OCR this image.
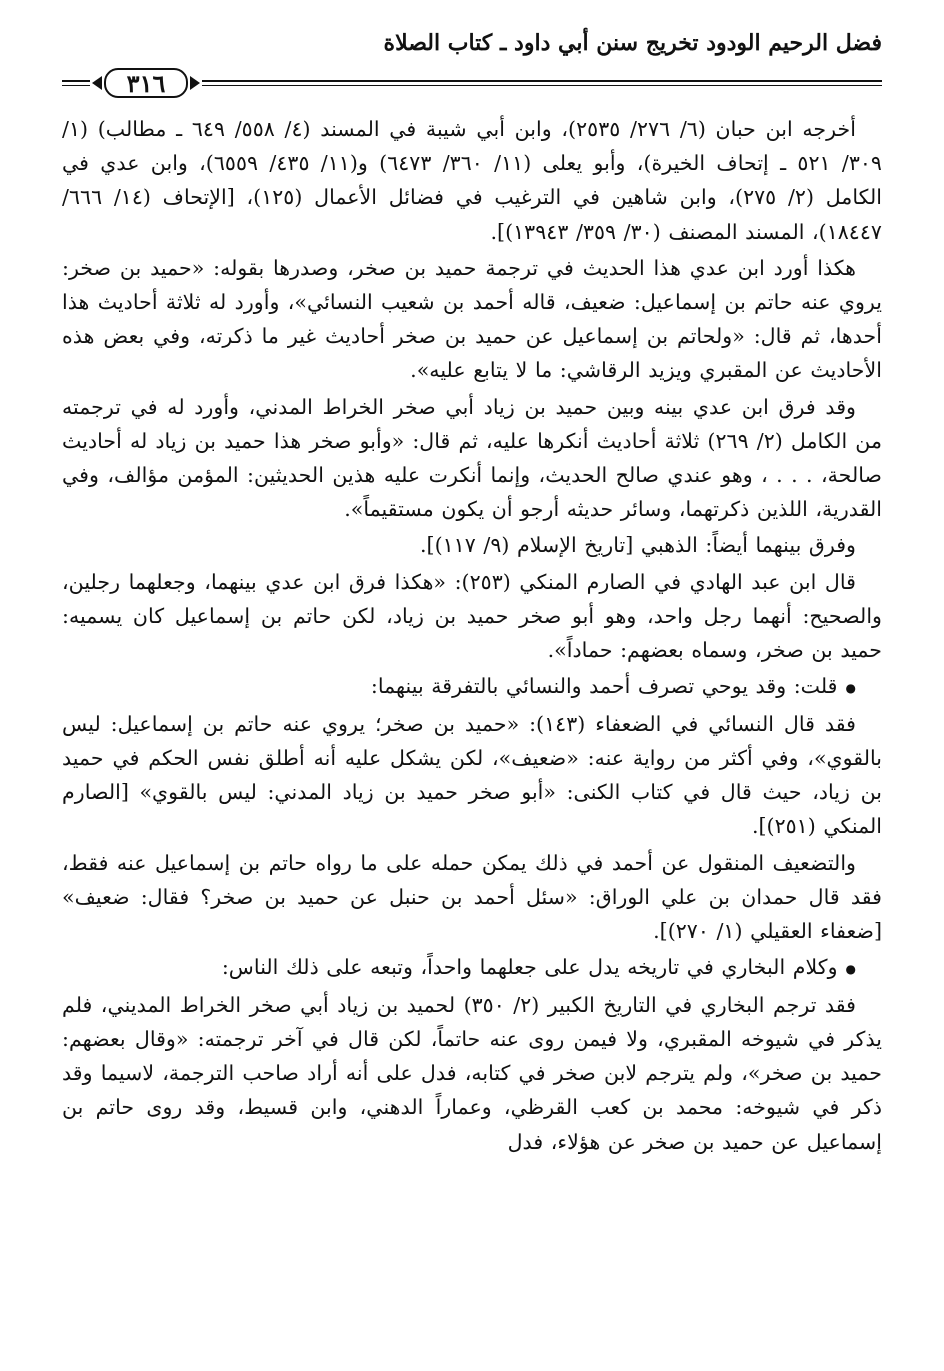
فضل الرحيم الودود تخريج سنن أبي داود ـ كتاب الصلاة
٣١٦

أخرجه ابن حبان (٦/ ٢٧٦/ ٢٥٣٥)، وابن أبي شيبة في المسند (٤/ ٥٥٨/ ٦٤٩ ـ مطالب) (١/ ٣٠٩/ ٥٢١ ـ إتحاف الخيرة)، وأبو يعلى (١١/ ٣٦٠/ ٦٤٧٣) و(١١/ ٤٣٥/ ٦٥٥٩)، وابن عدي في الكامل (٢/ ٢٧٥)، وابن شاهين في الترغيب في فضائل الأعمال (١٢٥)، [الإتحاف (١٤/ ٦٦٦/ ١٨٤٤٧)، المسند المصنف (٣٠/ ٣٥٩/ ١٣٩٤٣)].

هكذا أورد ابن عدي هذا الحديث في ترجمة حميد بن صخر، وصدرها بقوله: «حميد بن صخر: يروي عنه حاتم بن إسماعيل: ضعيف، قاله أحمد بن شعيب النسائي»، وأورد له ثلاثة أحاديث هذا أحدها، ثم قال: «ولحاتم بن إسماعيل عن حميد بن صخر أحاديث غير ما ذكرته، وفي بعض هذه الأحاديث عن المقبري ويزيد الرقاشي: ما لا يتابع عليه».

وقد فرق ابن عدي بينه وبين حميد بن زياد أبي صخر الخراط المدني، وأورد له في ترجمته من الكامل (٢/ ٢٦٩) ثلاثة أحاديث أنكرها عليه، ثم قال: «وأبو صخر هذا حميد بن زياد له أحاديث صالحة، . . . ، وهو عندي صالح الحديث، وإنما أنكرت عليه هذين الحديثين: المؤمن مؤالف، وفي القدرية، اللذين ذكرتهما، وسائر حديثه أرجو أن يكون مستقيماً».

وفرق بينهما أيضاً: الذهبي [تاريخ الإسلام (٩/ ١١٧)].

قال ابن عبد الهادي في الصارم المنكي (٢٥٣): «هكذا فرق ابن عدي بينهما، وجعلهما رجلين، والصحيح: أنهما رجل واحد، وهو أبو صخر حميد بن زياد، لكن حاتم بن إسماعيل كان يسميه: حميد بن صخر، وسماه بعضهم: حماداً».

● قلت: وقد يوحي تصرف أحمد والنسائي بالتفرقة بينهما:

فقد قال النسائي في الضعفاء (١٤٣): «حميد بن صخر؛ يروي عنه حاتم بن إسماعيل: ليس بالقوي»، وفي أكثر من رواية عنه: «ضعيف»، لكن يشكل عليه أنه أطلق نفس الحكم في حميد بن زياد، حيث قال في كتاب الكنى: «أبو صخر حميد بن زياد المدني: ليس بالقوي» [الصارم المنكي (٢٥١)].

والتضعيف المنقول عن أحمد في ذلك يمكن حمله على ما رواه حاتم بن إسماعيل عنه فقط، فقد قال حمدان بن علي الوراق: «سئل أحمد بن حنبل عن حميد بن صخر؟ فقال: ضعيف» [ضعفاء العقيلي (١/ ٢٧٠)].

● وكلام البخاري في تاريخه يدل على جعلهما واحداً، وتبعه على ذلك الناس:

فقد ترجم البخاري في التاريخ الكبير (٢/ ٣٥٠) لحميد بن زياد أبي صخر الخراط المديني، فلم يذكر في شيوخه المقبري، ولا فيمن روى عنه حاتماً، لكن قال في آخر ترجمته: «وقال بعضهم: حميد بن صخر»، ولم يترجم لابن صخر في كتابه، فدل على أنه أراد صاحب الترجمة، لاسيما وقد ذكر في شيوخه: محمد بن كعب القرظي، وعماراً الدهني، وابن قسيط، وقد روى حاتم بن إسماعيل عن حميد بن صخر عن هؤلاء، فدل
